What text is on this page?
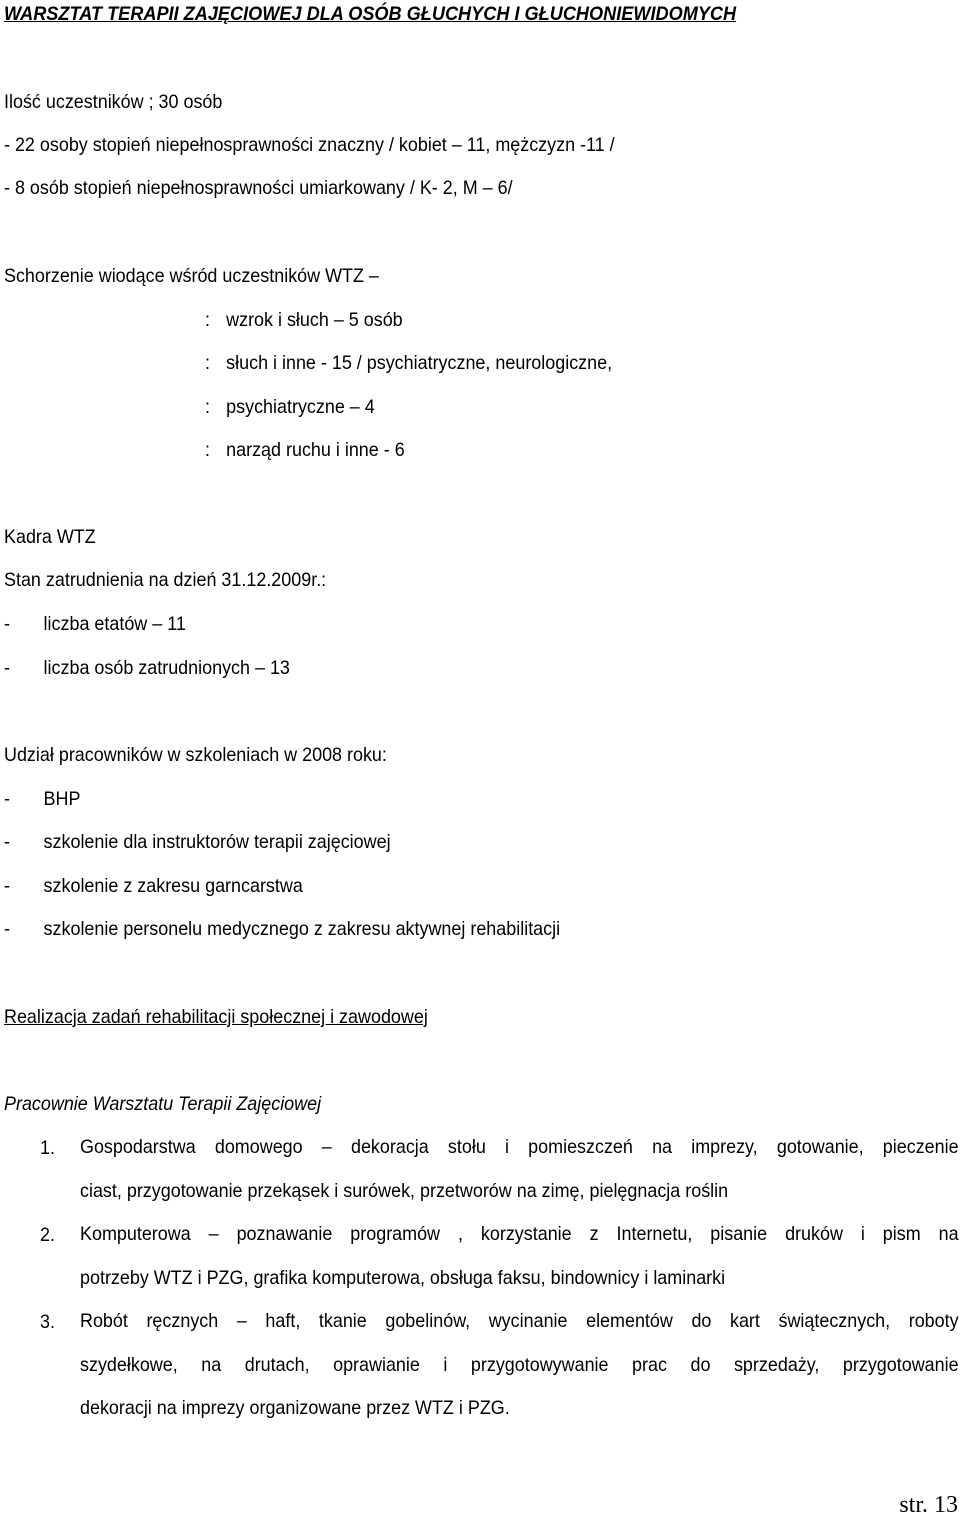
WARSZTAT TERAPII ZAJĘCIOWEJ DLA OSÓB GŁUCHYCH I GŁUCHONIEWIDOMYCH

Ilość uczestników ; 30 osób

- 22 osoby stopień niepełnosprawności znaczny / kobiet – 11, mężczyzn -11 /

- 8 osób stopień niepełnosprawności umiarkowany / K- 2, M – 6/

Schorzenie wiodące wśród uczestników WTZ –

: wzrok i słuch – 5 osób

: słuch i inne - 15 / psychiatryczne, neurologiczne,

: psychiatryczne – 4

: narząd ruchu i inne - 6

Kadra WTZ

Stan zatrudnienia na dzień 31.12.2009r.:

- liczba etatów – 11

- liczba osób zatrudnionych – 13

Udział pracowników w szkoleniach w 2008 roku:

- BHP

- szkolenie dla instruktorów terapii zajęciowej

- szkolenie z zakresu garncarstwa

- szkolenie personelu medycznego z zakresu aktywnej rehabilitacji

Realizacja zadań rehabilitacji społecznej i zawodowej

Pracownie Warsztatu Terapii Zajęciowej

1. Gospodarstwa domowego – dekoracja stołu i pomieszczeń na imprezy, gotowanie, pieczenie
ciast, przygotowanie przekąsek i surówek, przetworów na zimę, pielęgnacja roślin

2. Komputerowa – poznawanie programów , korzystanie z Internetu, pisanie druków i pism na
potrzeby WTZ i PZG, grafika komputerowa, obsługa faksu, bindownicy i laminarki

3. Robót ręcznych – haft, tkanie gobelinów, wycinanie elementów do kart świątecznych, roboty
szydełkowe, na drutach, oprawianie i przygotowywanie prac do sprzedaży, przygotowanie
dekoracji na imprezy organizowane przez WTZ i PZG.

str. 13
